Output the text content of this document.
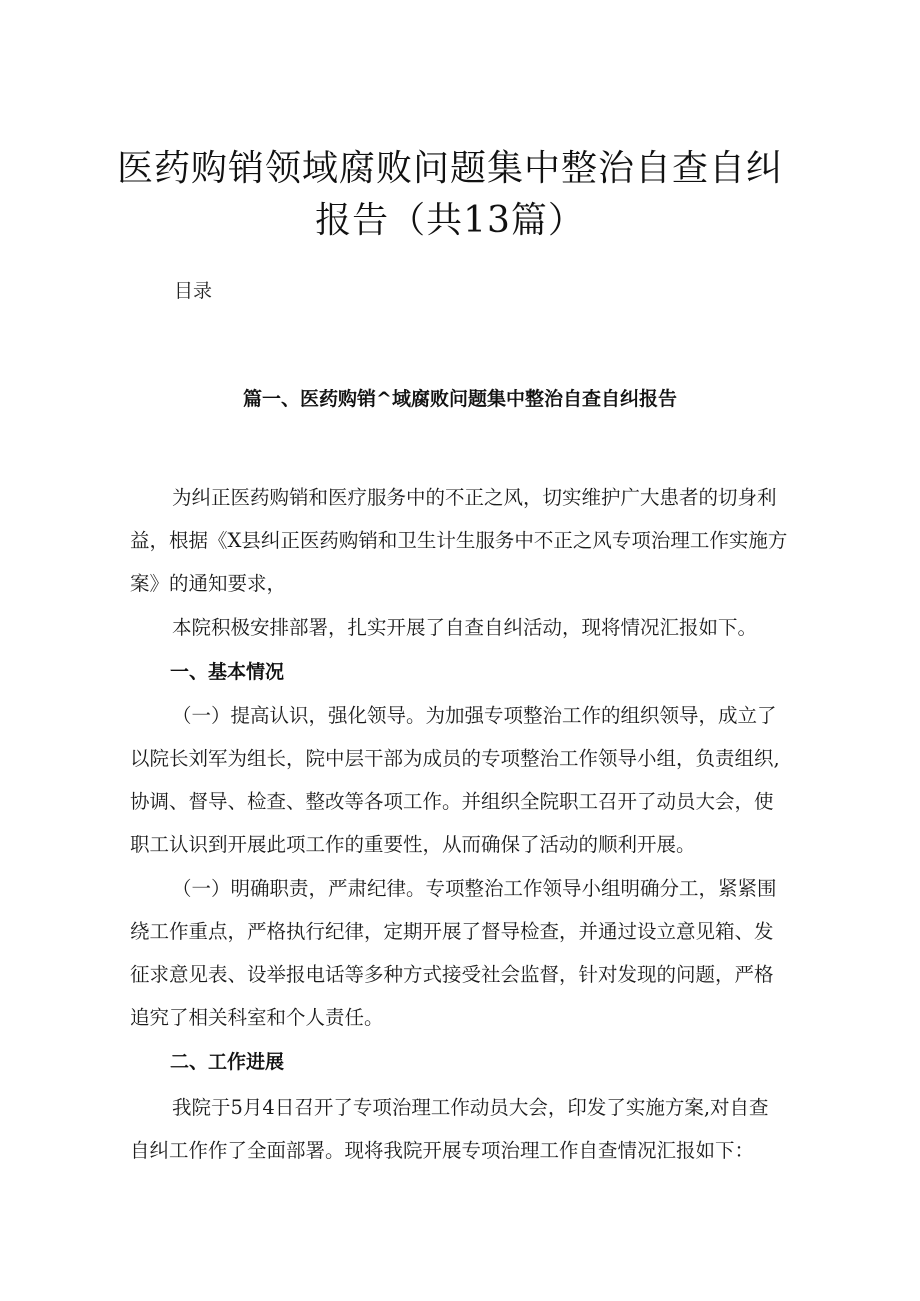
医药购销领域腐败问题集中整治自查自纠
报告（共13篇）
目录
篇一、医药购销^域腐败问题集中整治自查自纠报告
为纠正医药购销和医疗服务中的不正之风，切实维护广大患者的切身利
益，根据《X县纠正医药购销和卫生计生服务中不正之风专项治理工作实施方
案》的通知要求，
本院积极安排部署，扎实开展了自查自纠活动，现将情况汇报如下。
一、基本情况
（一）提高认识，强化领导。为加强专项整治工作的组织领导，成立了
以院长刘军为组长，院中层干部为成员的专项整治工作领导小组，负责组织,
协调、督导、检查、整改等各项工作。并组织全院职工召开了动员大会，使
职工认识到开展此项工作的重要性，从而确保了活动的顺利开展。
（一）明确职责，严肃纪律。专项整治工作领导小组明确分工，紧紧围
绕工作重点，严格执行纪律，定期开展了督导检查，并通过设立意见箱、发
征求意见表、设举报电话等多种方式接受社会监督，针对发现的问题，严格
追究了相关科室和个人责任。
二、工作进展
我院于5月4日召开了专项治理工作动员大会，印发了实施方案,对自查
自纠工作作了全面部署。现将我院开展专项治理工作自查情况汇报如下：
